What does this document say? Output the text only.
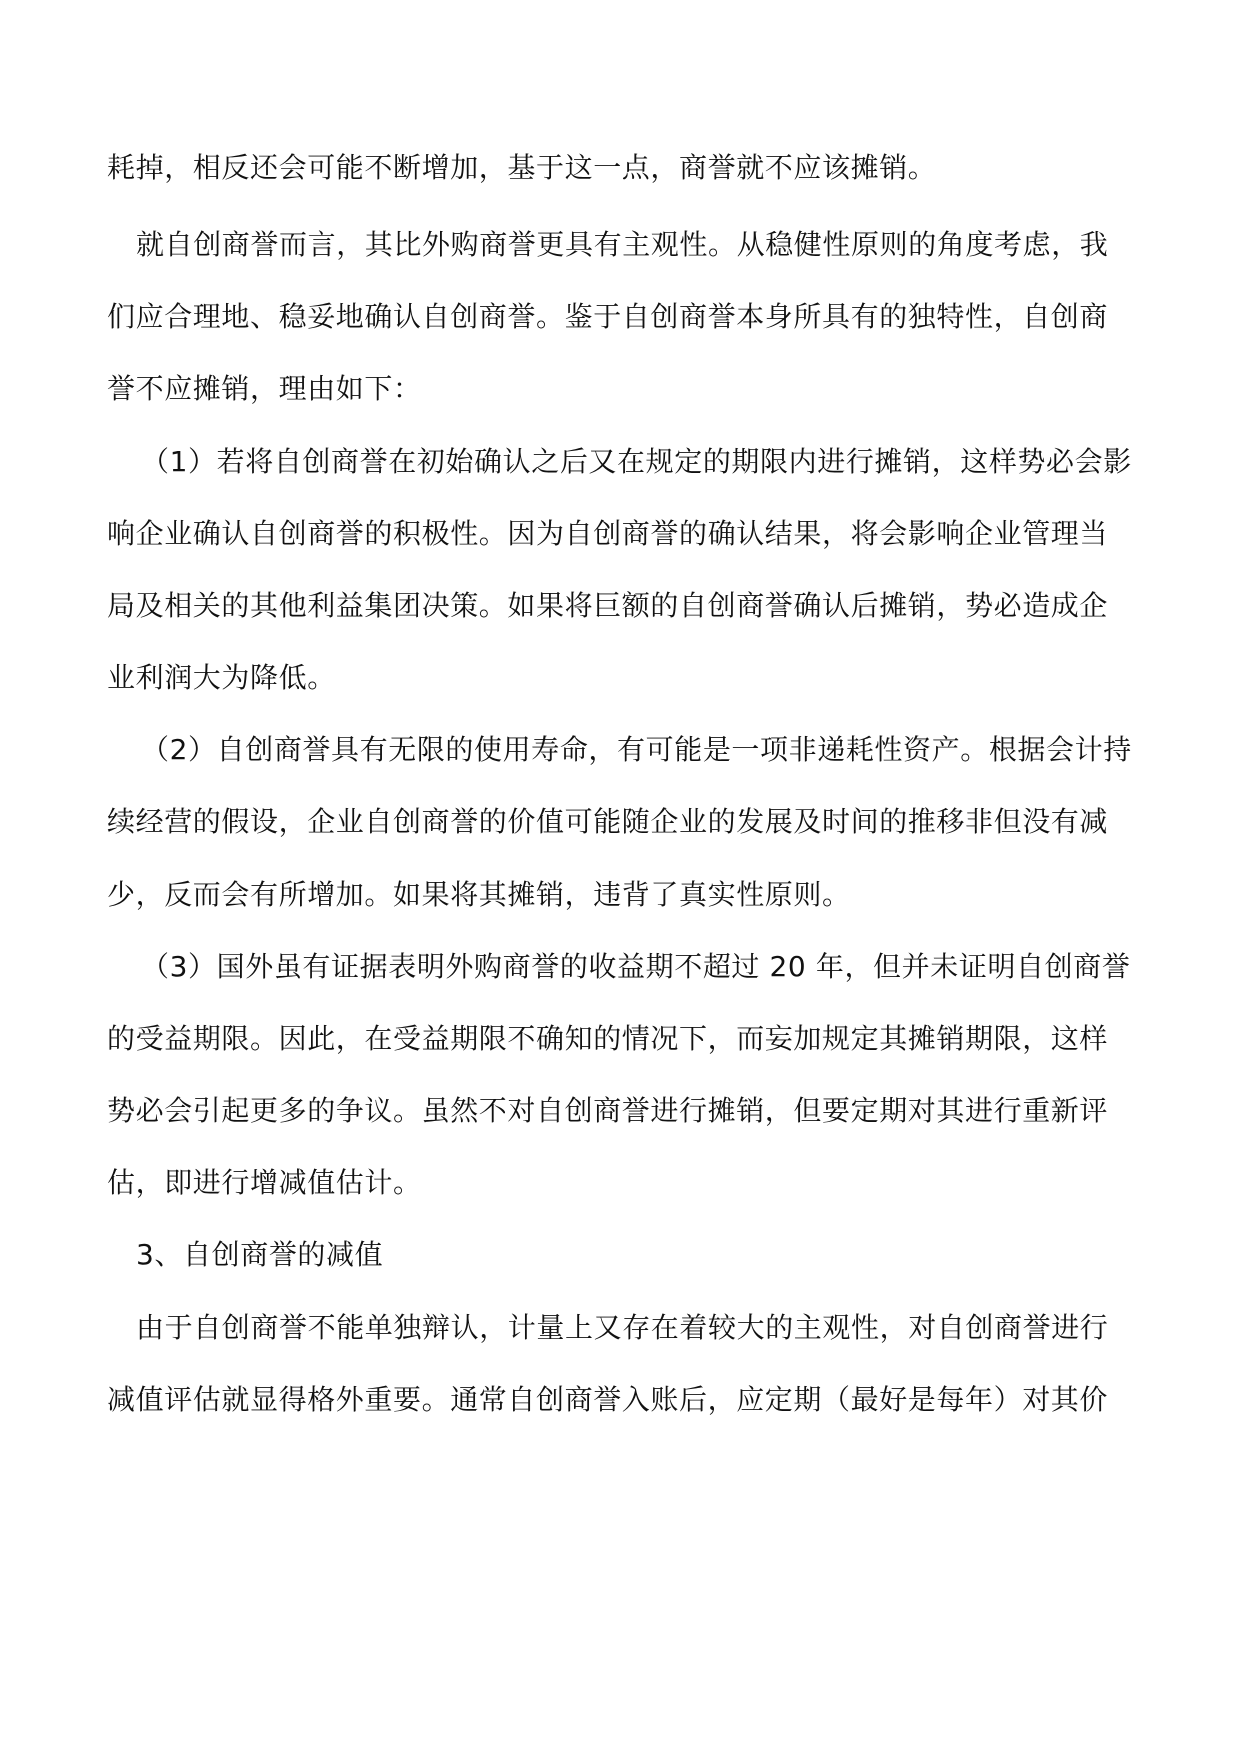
耗掉，相反还会可能不断增加，基于这一点，商誉就不应该摊销。
就自创商誉而言，其比外购商誉更具有主观性。从稳健性原则的角度考虑，我
们应合理地、稳妥地确认自创商誉。鉴于自创商誉本身所具有的独特性，自创商
誉不应摊销，理由如下：
（1）若将自创商誉在初始确认之后又在规定的期限内进行摊销，这样势必会影
响企业确认自创商誉的积极性。因为自创商誉的确认结果，将会影响企业管理当
局及相关的其他利益集团决策。如果将巨额的自创商誉确认后摊销，势必造成企
业利润大为降低。
（2）自创商誉具有无限的使用寿命，有可能是一项非递耗性资产。根据会计持
续经营的假设，企业自创商誉的价值可能随企业的发展及时间的推移非但没有减
少，反而会有所增加。如果将其摊销，违背了真实性原则。
（3）国外虽有证据表明外购商誉的收益期不超过 20 年，但并未证明自创商誉
的受益期限。因此，在受益期限不确知的情况下，而妄加规定其摊销期限，这样
势必会引起更多的争议。虽然不对自创商誉进行摊销，但要定期对其进行重新评
估，即进行增减值估计。
3、自创商誉的减值
由于自创商誉不能单独辩认，计量上又存在着较大的主观性，对自创商誉进行
减值评估就显得格外重要。通常自创商誉入账后，应定期（最好是每年）对其价
